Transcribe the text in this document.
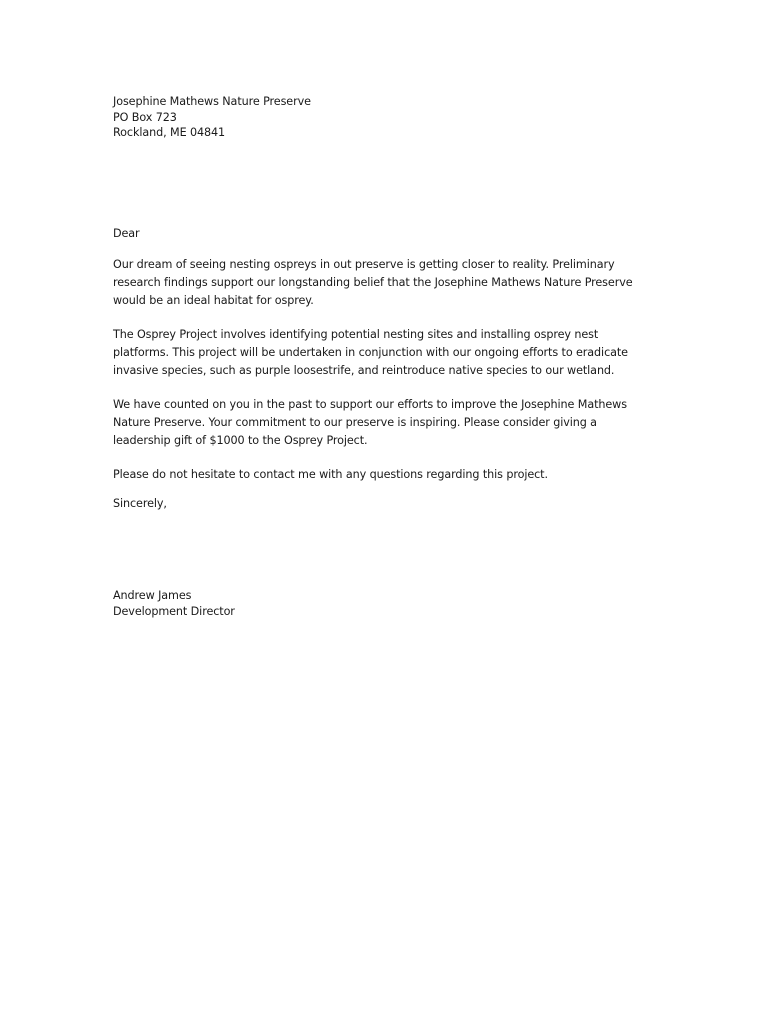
Josephine Mathews Nature Preserve
PO Box 723
Rockland, ME 04841
Dear

Our dream of seeing nesting ospreys in out preserve is getting closer to reality. Preliminary research findings support our longstanding belief that the Josephine Mathews Nature Preserve would be an ideal habitat for osprey.

The Osprey Project involves identifying potential nesting sites and installing osprey nest platforms. This project will be undertaken in conjunction with our ongoing efforts to eradicate invasive species, such as purple loosestrife, and reintroduce native species to our wetland.

We have counted on you in the past to support our efforts to improve the Josephine Mathews Nature Preserve. Your commitment to our preserve is inspiring. Please consider giving a leadership gift of $1000 to the Osprey Project.

Please do not hesitate to contact me with any questions regarding this project.

Sincerely,
Andrew James
Development Director
